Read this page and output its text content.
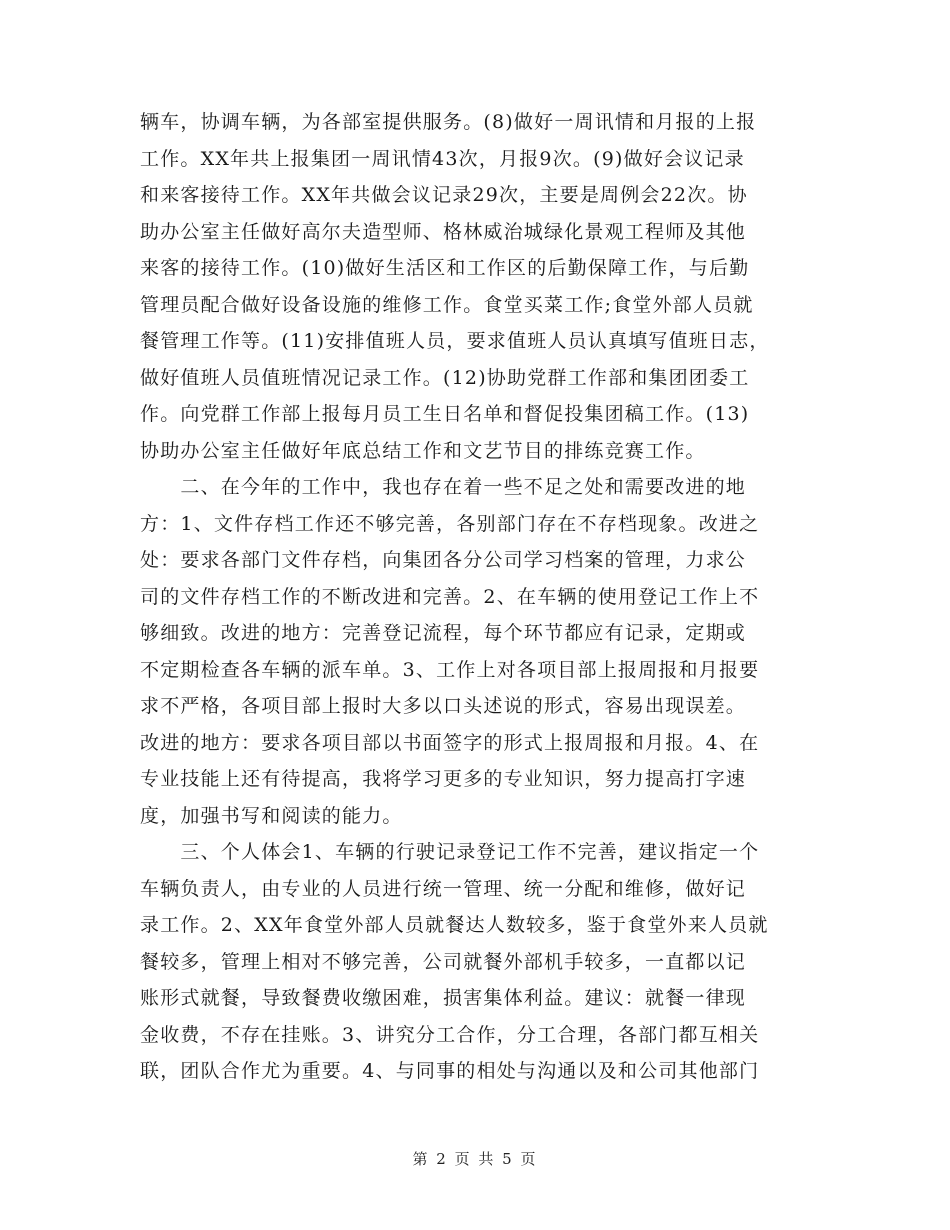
辆车，协调车辆，为各部室提供服务。(8)做好一周讯情和月报的上报
工作。XX年共上报集团一周讯情43次，月报9次。(9)做好会议记录
和来客接待工作。XX年共做会议记录29次，主要是周例会22次。协
助办公室主任做好高尔夫造型师、格林威治城绿化景观工程师及其他
来客的接待工作。(10)做好生活区和工作区的后勤保障工作，与后勤
管理员配合做好设备设施的维修工作。食堂买菜工作;食堂外部人员就
餐管理工作等。(11)安排值班人员，要求值班人员认真填写值班日志，
做好值班人员值班情况记录工作。(12)协助党群工作部和集团团委工
作。向党群工作部上报每月员工生日名单和督促投集团稿工作。(13)
协助办公室主任做好年底总结工作和文艺节目的排练竞赛工作。
　　二、在今年的工作中，我也存在着一些不足之处和需要改进的地
方：1、文件存档工作还不够完善，各别部门存在不存档现象。改进之
处：要求各部门文件存档，向集团各分公司学习档案的管理，力求公
司的文件存档工作的不断改进和完善。2、在车辆的使用登记工作上不
够细致。改进的地方：完善登记流程，每个环节都应有记录，定期或
不定期检查各车辆的派车单。3、工作上对各项目部上报周报和月报要
求不严格，各项目部上报时大多以口头述说的形式，容易出现误差。
改进的地方：要求各项目部以书面签字的形式上报周报和月报。4、在
专业技能上还有待提高，我将学习更多的专业知识，努力提高打字速
度，加强书写和阅读的能力。
　　三、个人体会1、车辆的行驶记录登记工作不完善，建议指定一个
车辆负责人，由专业的人员进行统一管理、统一分配和维修，做好记
录工作。2、XX年食堂外部人员就餐达人数较多，鉴于食堂外来人员就
餐较多，管理上相对不够完善，公司就餐外部机手较多，一直都以记
账形式就餐，导致餐费收缴困难，损害集体利益。建议：就餐一律现
金收费，不存在挂账。3、讲究分工合作，分工合理，各部门都互相关
联，团队合作尤为重要。4、与同事的相处与沟通以及和公司其他部门
第 2 页 共 5 页
